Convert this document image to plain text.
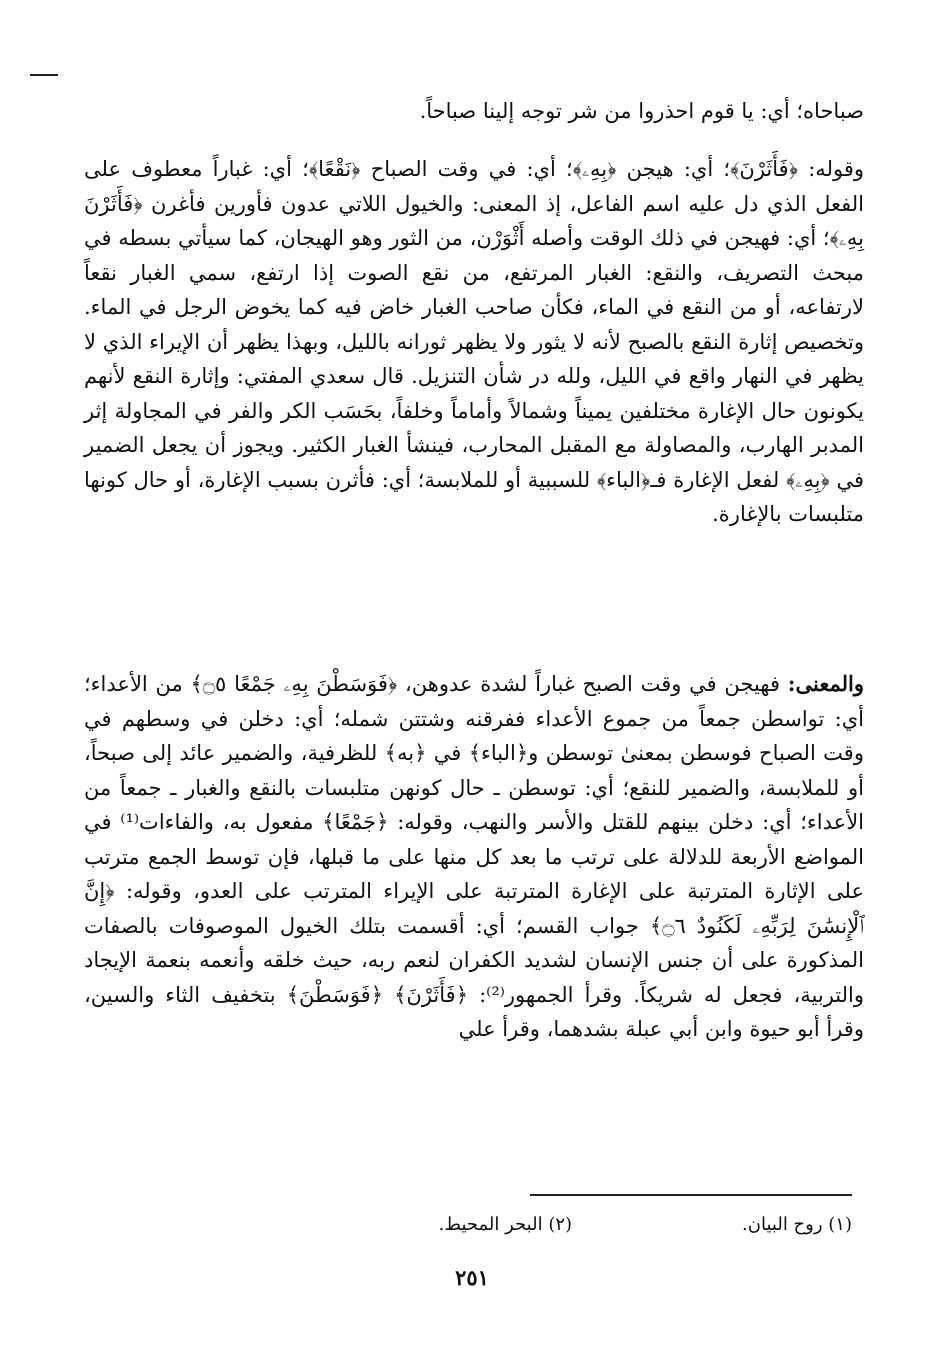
صباحاه؛ أي: يا قوم احذروا من شر توجه إلينا صباحاً.

وقوله: ﴿فَأَثَرْنَ﴾؛ أي: هيجن ﴿بِهِۦ﴾؛ أي: في وقت الصباح ﴿نَقْعًا﴾؛ أي: غباراً معطوف على الفعل الذي دل عليه اسم الفاعل، إذ المعنى: والخيول اللاتي عدون فأورين فأغرن ﴿فَأَثَرْنَ بِهِۦ﴾؛ أي: فهيجن في ذلك الوقت وأصله أَثْوَرْن، من الثور وهو الهيجان، كما سيأتي بسطه في مبحث التصريف، والنقع: الغبار المرتفع، من نقع الصوت إذا ارتفع، سمي الغبار نقعاً لارتفاعه، أو من النقع في الماء، فكأن صاحب الغبار خاض فيه كما يخوض الرجل في الماء. وتخصيص إثارة النقع بالصبح لأنه لا يثور ولا يظهر ثورانه بالليل، وبهذا يظهر أن الإيراء الذي لا يظهر في النهار واقع في الليل، ولله در شأن التنزيل. قال سعدي المفتي: وإثارة النقع لأنهم يكونون حال الإغارة مختلفين يميناً وشمالاً وأماماً وخلفاً، بحَسَب الكر والفر في المجاولة إثر المدبر الهارب، والمصاولة مع المقبل المحارب، فينشأ الغبار الكثير. ويجوز أن يجعل الضمير في ﴿بِهِۦ﴾ لفعل الإغارة فـ﴿الباء﴾ للسببية أو للملابسة؛ أي: فأثرن بسبب الإغارة، أو حال كونها متلبسات بالإغارة.

والمعنى: فهيجن في وقت الصبح غباراً لشدة عدوهن، ﴿فَوَسَطْنَ بِهِۦ جَمْعًا ۝٥﴾ من الأعداء؛ أي: تواسطن جمعاً من جموع الأعداء ففرقنه وشتتن شمله؛ أي: دخلن في وسطهم في وقت الصباح فوسطن بمعنىٰ توسطن و﴿الباء﴾ في ﴿به﴾ للظرفية، والضمير عائد إلى صبحاً، أو للملابسة، والضمير للنقع؛ أي: توسطن ـ حال كونهن متلبسات بالنقع والغبار ـ جمعاً من الأعداء؛ أي: دخلن بينهم للقتل والأسر والنهب، وقوله: ﴿جَمْعًا﴾ مفعول به، والفاءات⁽¹⁾ في المواضع الأربعة للدلالة على ترتب ما بعد كل منها على ما قبلها، فإن توسط الجمع مترتب على الإثارة المترتبة على الإغارة المترتبة على الإيراء المترتب على العدو، وقوله: ﴿إِنَّ ٱلْإِنسَٰنَ لِرَبِّهِۦ لَكَنُودٌ ۝٦﴾ جواب القسم؛ أي: أقسمت بتلك الخيول الموصوفات بالصفات المذكورة على أن جنس الإنسان لشديد الكفران لنعم ربه، حيث خلقه وأنعمه بنعمة الإيجاد والتربية، فجعل له شريكاً. وقرأ الجمهور⁽²⁾: ﴿فَأَثَرْنَ﴾ ﴿فَوَسَطْنَ﴾ بتخفيف الثاء والسين، وقرأ أبو حيوة وابن أبي عبلة بشدهما، وقرأ علي

(١) روح البيان.(٢) البحر المحيط.
٢٥١
